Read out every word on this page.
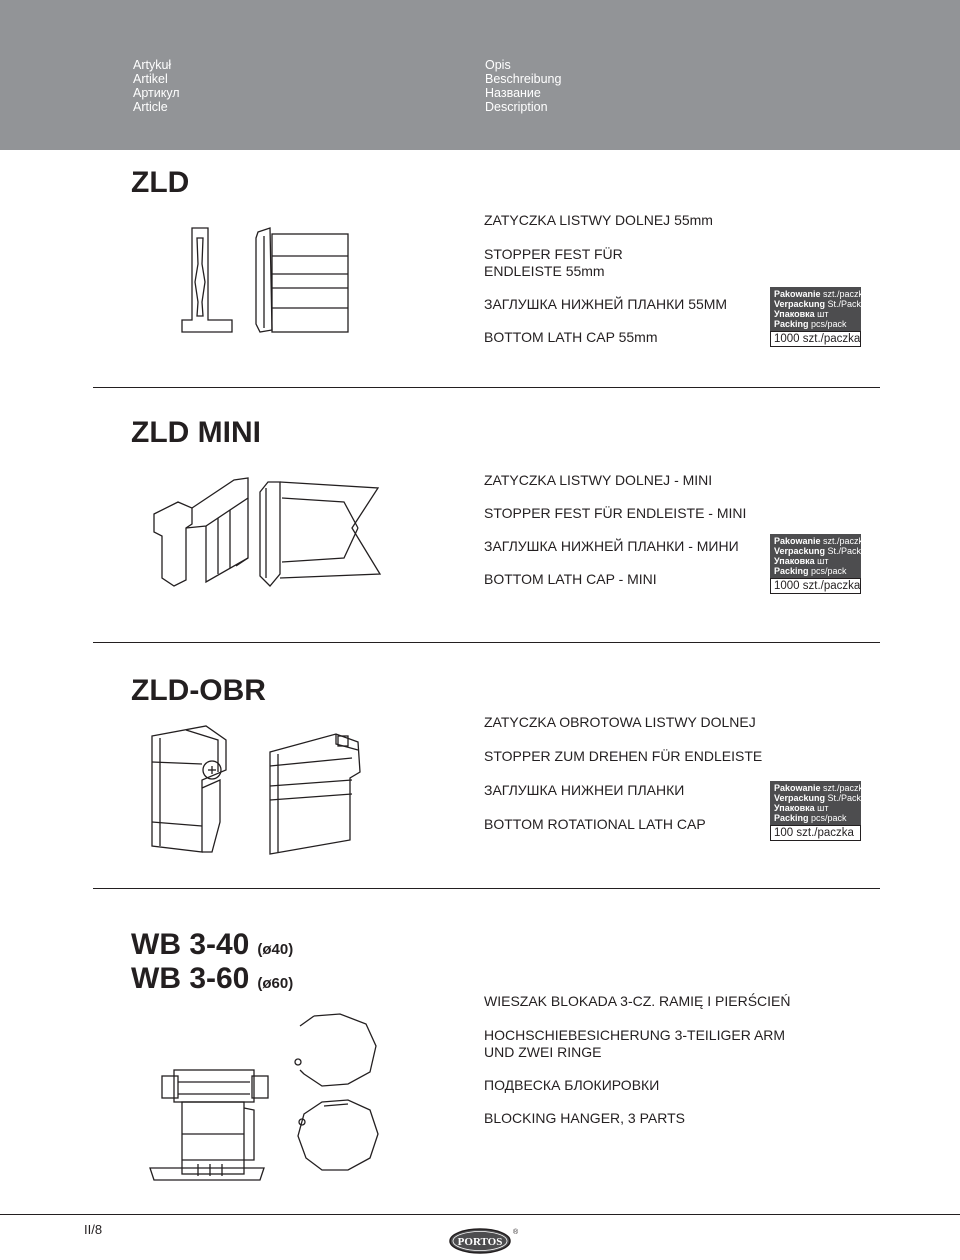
Artykuł
Artikel
Артикул
Article
Opis
Beschreibung
Название
Description
ZLD
ZATYCZKA LISTWY DOLNEJ 55mm
STOPPER FEST FÜR
ENDLEISTE 55mm
ЗАГЛУШКА НИЖНЕЙ ПЛАНКИ 55ММ
BOTTOM LATH CAP 55mm
Pakowanie szt./paczka
Verpackung St./Pack
Упаковка шт
Packing pcs/pack
1000 szt./paczka
ZLD MINI
ZATYCZKA LISTWY DOLNEJ - MINI
STOPPER FEST FÜR ENDLEISTE - MINI
ЗАГЛУШКА НИЖНЕЙ ПЛАНКИ - МИНИ
BOTTOM LATH CAP - MINI
Pakowanie szt./paczka
Verpackung St./Pack
Упаковка шт
Packing pcs/pack
1000 szt./paczka
ZLD-OBR
ZATYCZKA OBROTOWA LISTWY DOLNEJ
STOPPER ZUM DREHEN FÜR ENDLEISTE
ЗАГЛУШКА НИЖНЕИ ПЛАНКИ
BOTTOM ROTATIONAL LATH CAP
Pakowanie szt./paczka
Verpackung St./Pack
Упаковка шт
Packing pcs/pack
100 szt./paczka
WB 3-40 (ø40)
WB 3-60 (ø60)
WIESZAK BLOKADA 3-CZ. RAMIĘ I PIERŚCIEŃ
HOCHSCHIEBESICHERUNG 3-TEILIGER ARM
UND ZWEI RINGE
ПОДВЕСКА БЛОКИРОВКИ
BLOCKING HANGER, 3 PARTS
II/8
PORTOS
®
